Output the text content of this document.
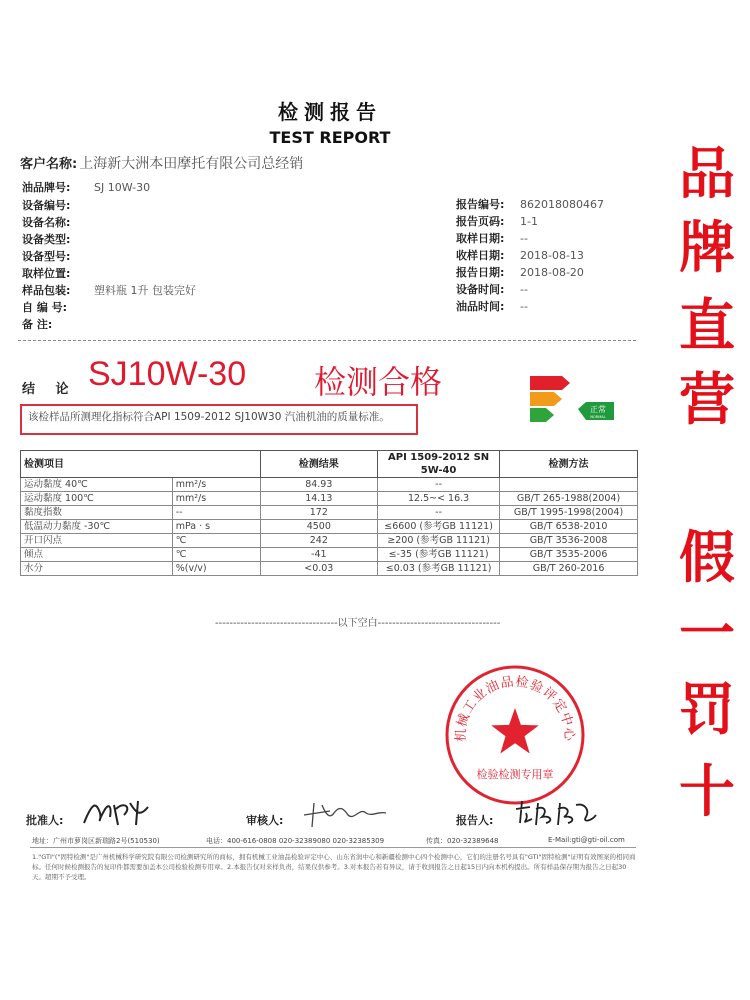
检测报告
TEST REPORT
客户名称: 上海新大洲本田摩托有限公司总经销
油品牌号: SJ 10W-30
设备编号:
设备名称:
设备类型:
设备型号:
取样位置:
样品包装: 塑料瓶 1升 包装完好
自 编 号:
备 注:
报告编号: 862018080467
报告页码: 1-1
取样日期: --
收样日期: 2018-08-13
报告日期: 2018-08-20
设备时间: --
油品时间: --
结 论 SJ10W-30 检测合格
该检样品所测理化指标符合API 1509-2012 SJ10W30 汽油机油的质量标准。
正常
NORMAL
检测项目		检测结果	API 1509-2012 SN 5W-40	检测方法
运动黏度 40℃	mm²/s	84.93	--	
运动黏度 100℃	mm²/s	14.13	12.5~< 16.3	GB/T 265-1988(2004)
黏度指数	--	172	--	GB/T 1995-1998(2004)
低温动力黏度 -30℃	mPa · s	4500	≤6600 (参考GB 11121)	GB/T 6538-2010
开口闪点	℃	242	≥200 (参考GB 11121)	GB/T 3536-2008
倾点	℃	-41	≤-35 (参考GB 11121)	GB/T 3535-2006
水分	%(v/v)	<0.03	≤0.03 (参考GB 11121)	GB/T 260-2016
----------------------------------以下空白----------------------------------
机械工业油品检验评定中心
检验检测专用章
批准人:	审核人:	报告人:
地址：广州市萝岗区新瑞路2号(510530)	电话：400-616-0808 020-32389080 020-32385309	传真：020-32389648	E-Mail:gti@gti-oil.com
1."GTI"("固特检测"是广州机械科学研究院有限公司检测研究所的商标，拥有机械工业油品检验评定中心、山东省润中心和新疆检测中心四个检测中心，它们的注册名号具有"GTI"固特检测"证明有效图案的相同商标。任何时候检测报告的复印件都需要加盖本公司检验检测专用章。2.本报告仅对来样负责，结果仅供参考。3.对本报告若有异议，请于收到报告之日起15日内向本机构提出。所有样品保存期为报告之日起30天。超期不予受理。
品
牌
直
营
假
一
罚
十
